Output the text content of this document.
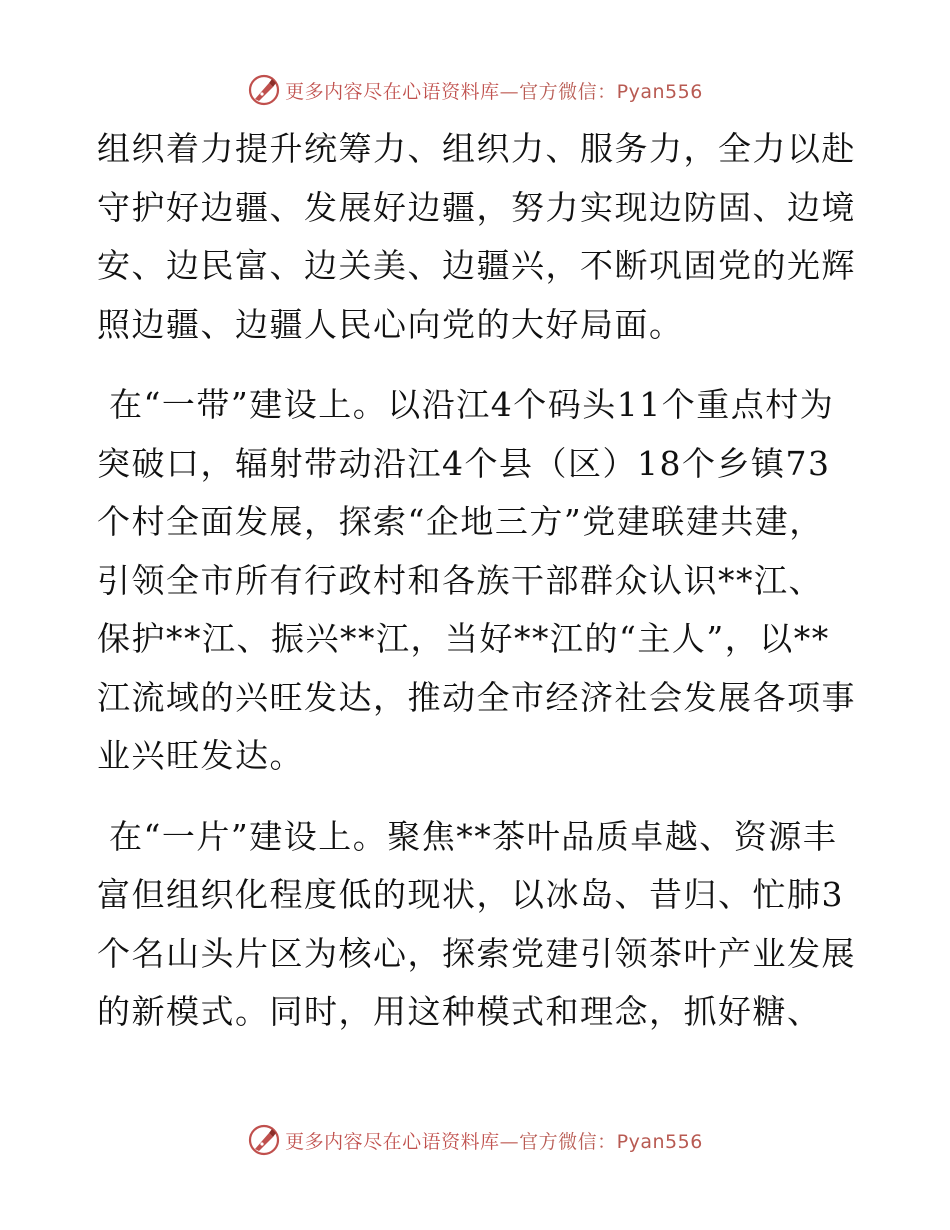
更多内容尽在心语资料库—官方微信：Pyan556

组织着力提升统筹力、组织力、服务力，全力以赴守护好边疆、发展好边疆，努力实现边防固、边境安、边民富、边关美、边疆兴，不断巩固党的光辉照边疆、边疆人民心向党的大好局面。

在“一带”建设上。以沿江4个码头11个重点村为突破口，辐射带动沿江4个县（区）18个乡镇73个村全面发展，探索“企地三方”党建联建共建，引领全市所有行政村和各族干部群众认识**江、保护**江、振兴**江，当好**江的“主人”，以**江流域的兴旺发达，推动全市经济社会发展各项事业兴旺发达。

在“一片”建设上。聚焦**茶叶品质卓越、资源丰富但组织化程度低的现状，以冰岛、昔归、忙肺3个名山头片区为核心，探索党建引领茶叶产业发展的新模式。同时，用这种模式和理念，抓好糖、

更多内容尽在心语资料库—官方微信：Pyan556
